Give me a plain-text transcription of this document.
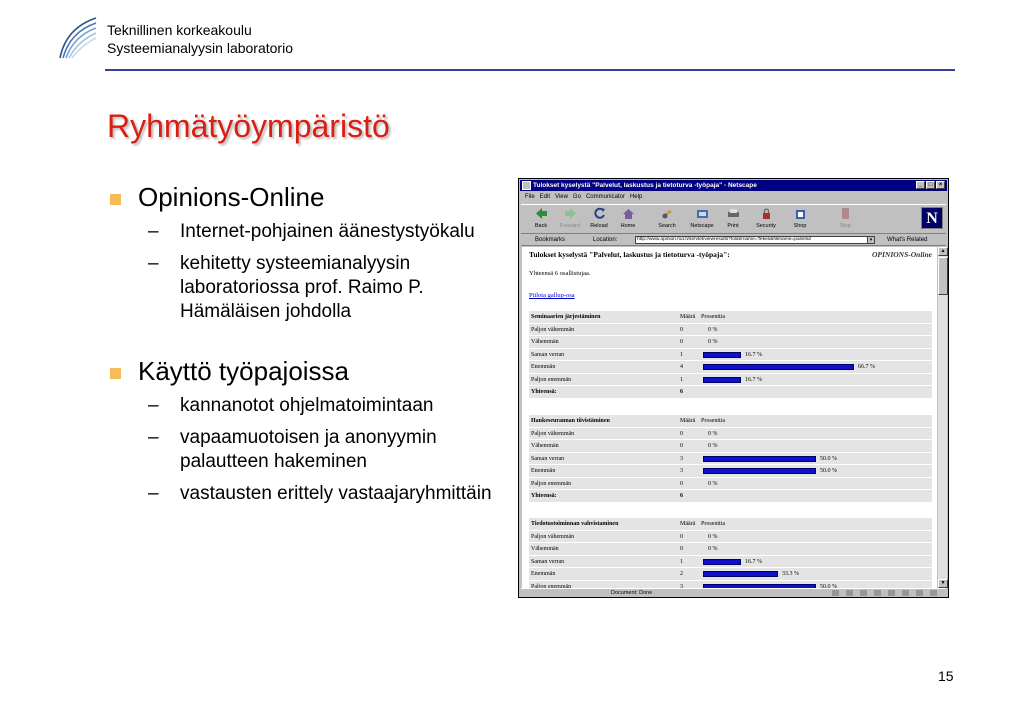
Teknillinen korkeakoulu
Systeemianalyysin laboratorio
Ryhmätyöympäristö
Opinions-Online
– Internet-pohjainen äänestystyökalu
– kehitetty systeemianalyysin laboratoriossa prof. Raimo P. Hämäläisen johdolla
Käyttö työpajoissa
– kannanotot ohjelmatoimintaan
– vapaamuotoisen ja anonyymin palautteen hakeminen
– vastausten erittely vastaajaryhmittäin
Tulokset kyselystä "Palvelut, laskustus ja tietoturva -työpaja" - Netscape	_	□	×
File Edit View Go Communicator Help
Back	Forward	Reload	Home	Search	Netscape	Print	Security	Shop	Stop	N
Bookmarks	Location:	http://www.opinion.hut.fi/servlet/viewresults?foldername=Tekes&filename=palvelut	▾	What's Related
Tulokset kyselystä "Palvelut, laskustus ja tietoturva -työpaja":	OPINIONS-Online
Yhteensä 6 osallistujaa.
Piilota gallup-osa
Seminaarien järjestäminen	Määrä Prosenttia
Paljon vähemmän	0	0 %
Vähemmän	0	0 %
Saman verran	1	16.7 %
Enemmän	4	66.7 %
Paljon enemmän	1	16.7 %
Yhteensä:	6
Hankeseurannan tiivistäminen	Määrä Prosenttia
Paljon vähemmän	0	0 %
Vähemmän	0	0 %
Saman verran	3	50.0 %
Enemmän	3	50.0 %
Paljon enemmän	0	0 %
Yhteensä:	6
Tiedotustoiminnan vahvistaminen	Määrä Prosenttia
Paljon vähemmän	0	0 %
Vähemmän	0	0 %
Saman verran	1	16.7 %
Enemmän	2	33.3 %
Paljon enemmän	3	50.0 %
▲
▼
Document: Done
15
